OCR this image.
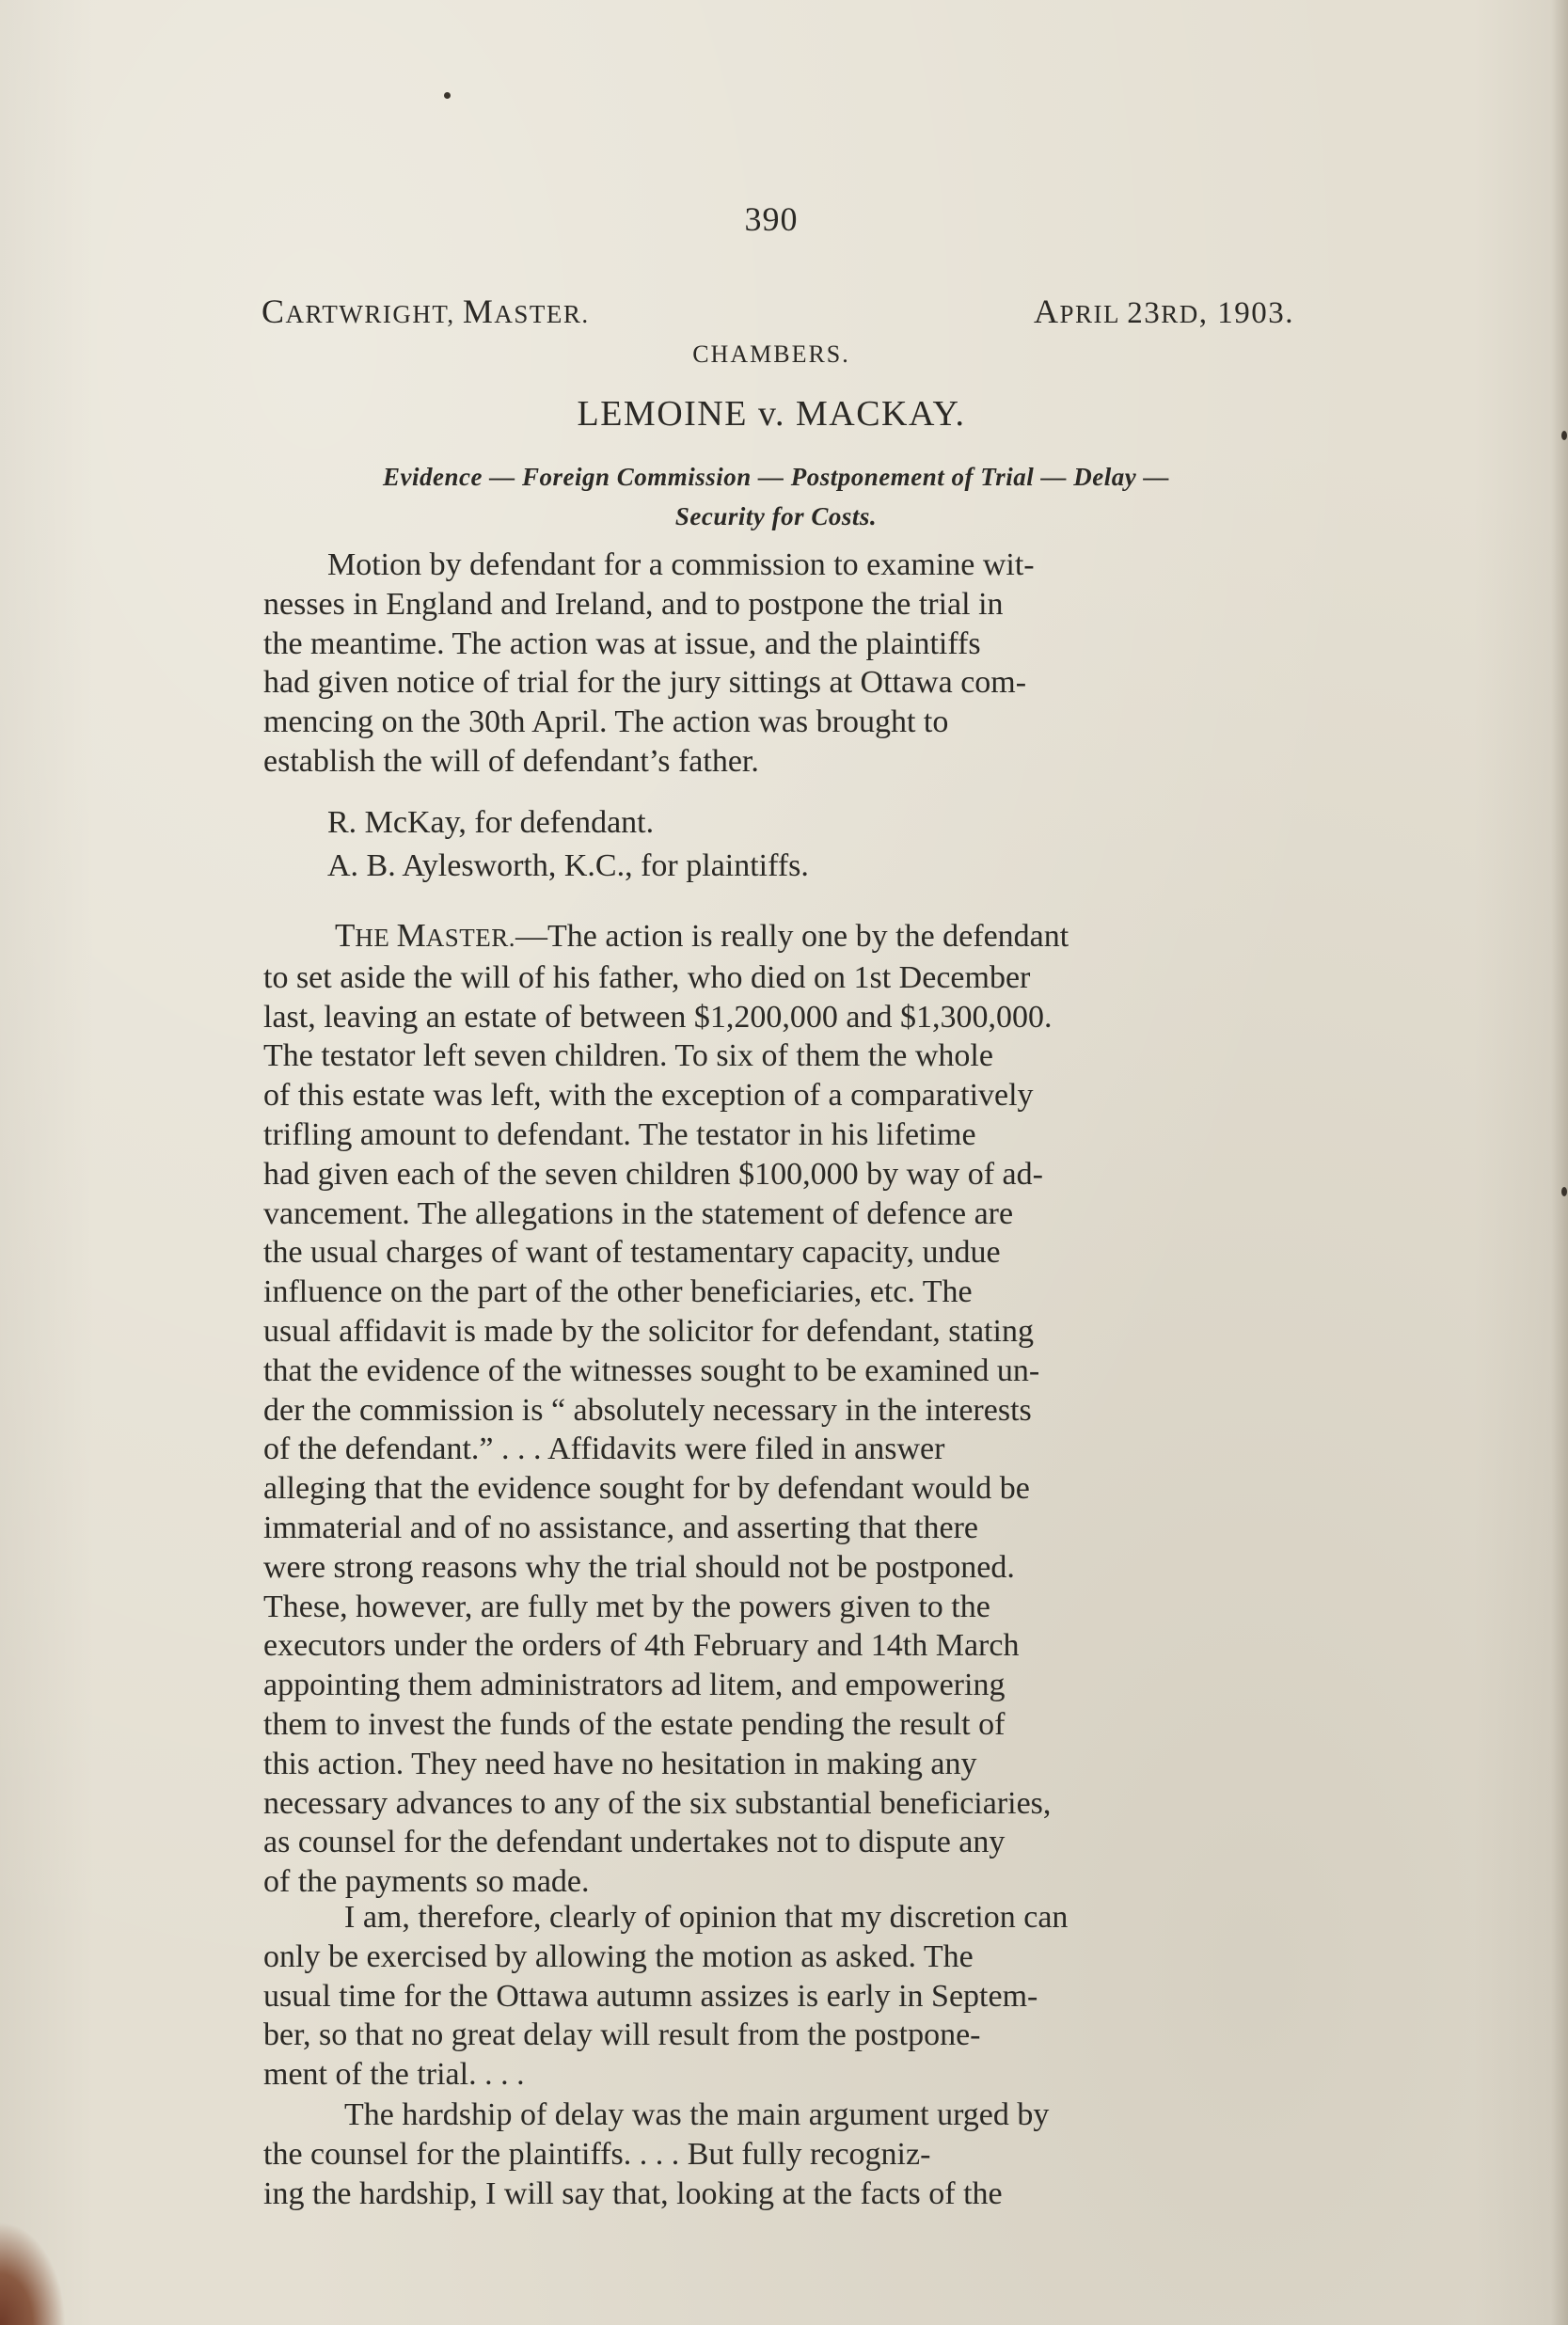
390
CARTWRIGHT, MASTER.	APRIL 23RD, 1903.
CHAMBERS.
LEMOINE v. MACKAY.
Evidence — Foreign Commission — Postponement of Trial — Delay —
Security for Costs.
Motion by defendant for a commission to examine wit-
nesses in England and Ireland, and to postpone the trial in
the meantime. The action was at issue, and the plaintiffs
had given notice of trial for the jury sittings at Ottawa com-
mencing on the 30th April. The action was brought to
establish the will of defendant’s father.
R. McKay, for defendant.
A. B. Aylesworth, K.C., for plaintiffs.
THE MASTER.—The action is really one by the defendant
to set aside the will of his father, who died on 1st December
last, leaving an estate of between $1,200,000 and $1,300,000.
The testator left seven children. To six of them the whole
of this estate was left, with the exception of a comparatively
trifling amount to defendant. The testator in his lifetime
had given each of the seven children $100,000 by way of ad-
vancement. The allegations in the statement of defence are
the usual charges of want of testamentary capacity, undue
influence on the part of the other beneficiaries, etc. The
usual affidavit is made by the solicitor for defendant, stating
that the evidence of the witnesses sought to be examined un-
der the commission is “ absolutely necessary in the interests
of the defendant.” . . . Affidavits were filed in answer
alleging that the evidence sought for by defendant would be
immaterial and of no assistance, and asserting that there
were strong reasons why the trial should not be postponed.
These, however, are fully met by the powers given to the
executors under the orders of 4th February and 14th March
appointing them administrators ad litem, and empowering
them to invest the funds of the estate pending the result of
this action. They need have no hesitation in making any
necessary advances to any of the six substantial beneficiaries,
as counsel for the defendant undertakes not to dispute any
of the payments so made.
I am, therefore, clearly of opinion that my discretion can
only be exercised by allowing the motion as asked. The
usual time for the Ottawa autumn assizes is early in Septem-
ber, so that no great delay will result from the postpone-
ment of the trial. . . .
The hardship of delay was the main argument urged by
the counsel for the plaintiffs. . . . But fully recogniz-
ing the hardship, I will say that, looking at the facts of the
